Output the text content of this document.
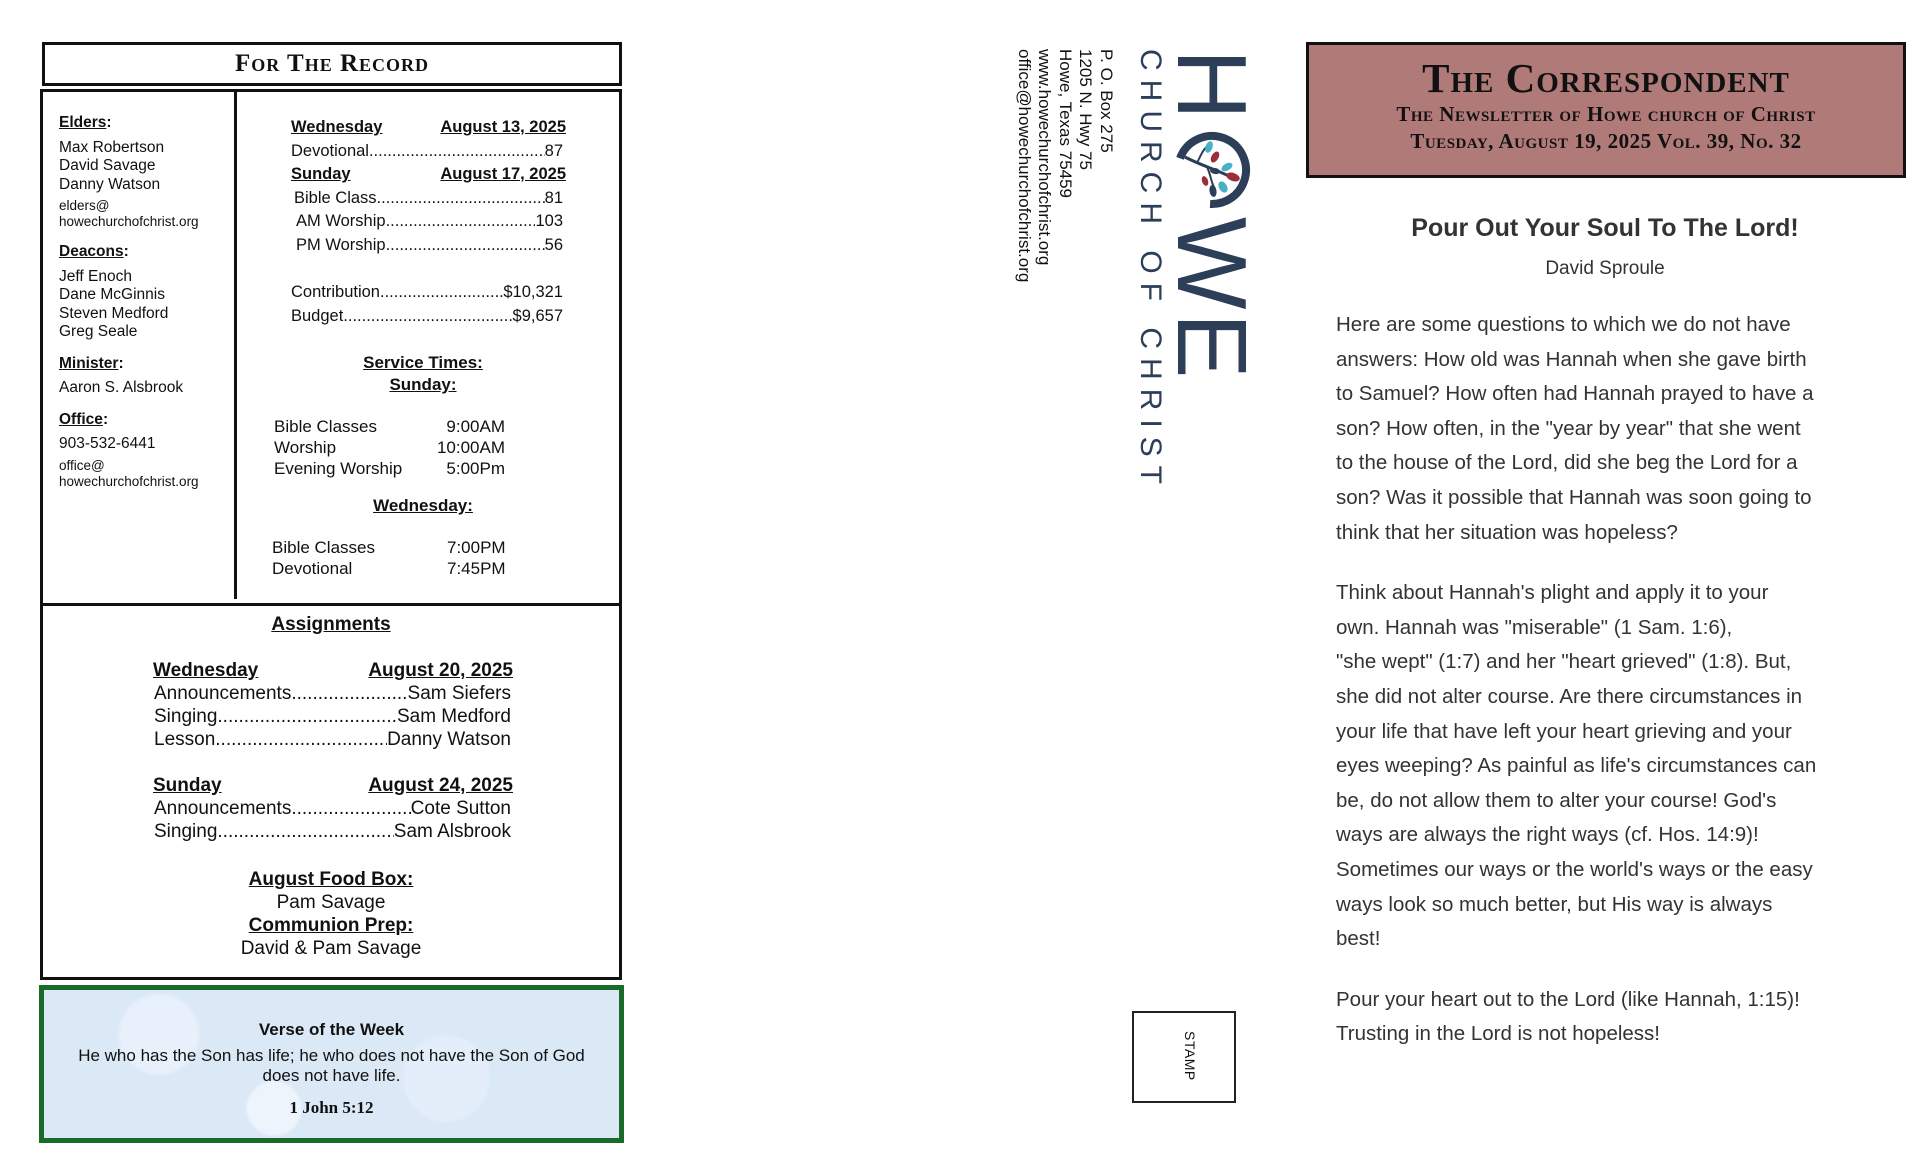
For The Record
Elders:
Max Robertson
David Savage
Danny Watson
elders@
howechurchofchrist.org
Deacons:
Jeff Enoch
Dane McGinnis
Steven Medford
Greg Seale
Minister:
Aaron S. Alsbrook
Office:
903-532-6441
office@
howechurchofchrist.org
Wednesday	August 13, 2025
Devotional .....	87
Sunday	August 17, 2025
Bible Class .....	81
AM Worship .....	103
PM Worship .....	56
Contribution .....	$10,321
Budget .....	$9,657
Service Times:
Sunday:
Bible Classes	9:00AM
Worship	10:00AM
Evening Worship	5:00Pm
Wednesday:
Bible Classes	7:00PM
Devotional	7:45PM
Assignments
Wednesday	August 20, 2025
Announcements .....	Sam Siefers
Singing .....	Sam Medford
Lesson .....	Danny Watson
Sunday	August 24, 2025
Announcements .....	Cote Sutton
Singing .....	Sam Alsbrook
August Food Box:
Pam Savage
Communion Prep:
David & Pam Savage
Verse of the Week
He who has the Son has life; he who does not have the Son of God does not have life.
1 John 5:12
H
W
E
CHURCH OF CHRIST
P. O. Box 275
1205 N. Hwy 75
Howe, Texas 75459
www.howechurchofchrist.org
office@howechurchofchrist.org
STAMP
The Correspondent
The Newsletter of Howe church of Christ
Tuesday, August 19, 2025 Vol. 39, No. 32
Pour Out Your Soul To The Lord!
David Sproule

Here are some questions to which we do not have
answers: How old was Hannah when she gave birth
to Samuel? How often had Hannah prayed to have a
son? How often, in the "year by year" that she went
to the house of the Lord, did she beg the Lord for a
son? Was it possible that Hannah was soon going to
think that her situation was hopeless?

Think about Hannah's plight and apply it to your
own. Hannah was "miserable" (1 Sam. 1:6),
"she wept" (1:7) and her "heart grieved" (1:8). But,
she did not alter course. Are there circumstances in
your life that have left your heart grieving and your
eyes weeping? As painful as life's circumstances can
be, do not allow them to alter your course! God's
ways are always the right ways (cf. Hos. 14:9)!
Sometimes our ways or the world's ways or the easy
ways look so much better, but His way is always
best!

Pour your heart out to the Lord (like Hannah, 1:15)!
Trusting in the Lord is not hopeless!
